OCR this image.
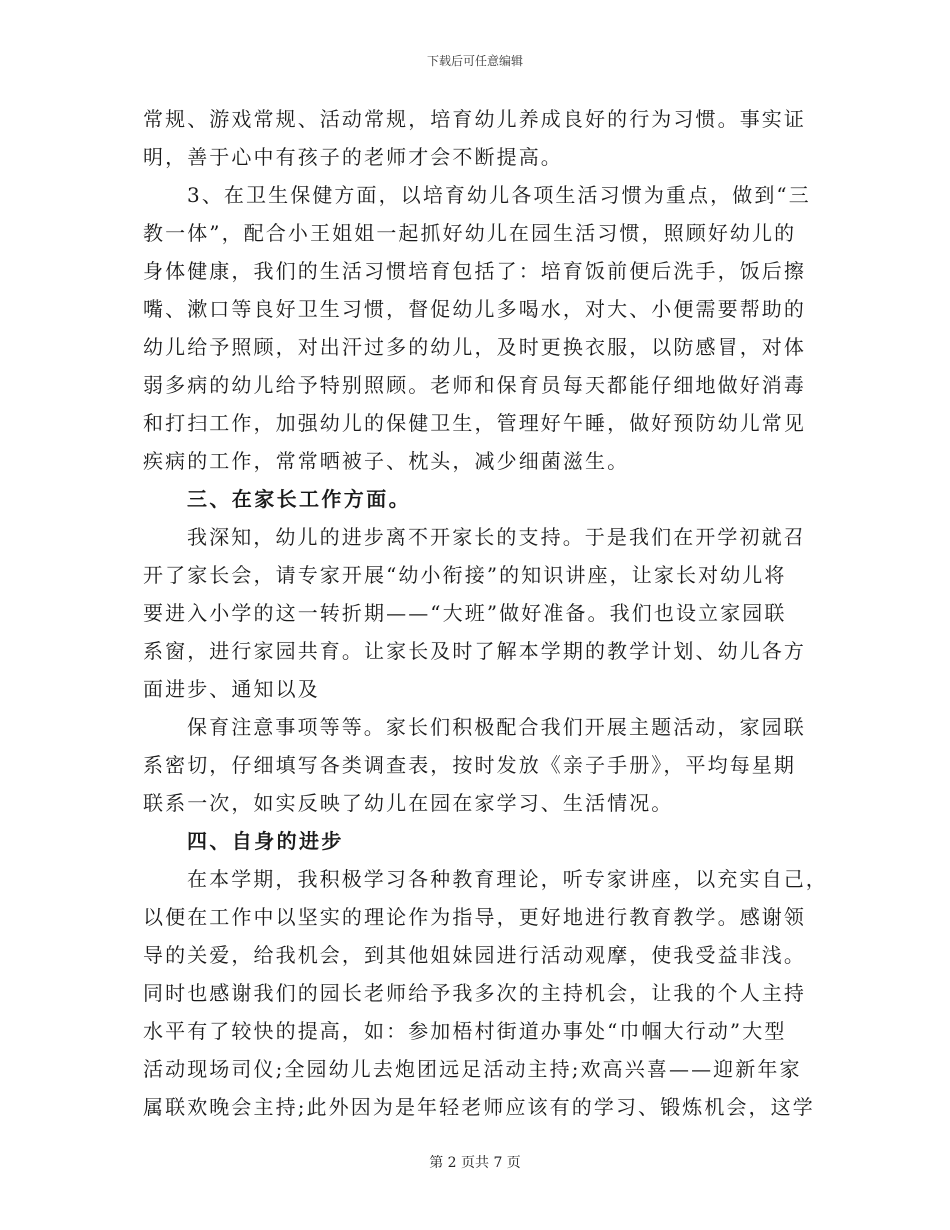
下载后可任意编辑
常规、游戏常规、活动常规，培育幼儿养成良好的行为习惯。事实证
明，善于心中有孩子的老师才会不断提高。
3、在卫生保健方面，以培育幼儿各项生活习惯为重点，做到“三
教一体”，配合小王姐姐一起抓好幼儿在园生活习惯，照顾好幼儿的
身体健康，我们的生活习惯培育包括了：培育饭前便后洗手，饭后擦
嘴、漱口等良好卫生习惯，督促幼儿多喝水，对大、小便需要帮助的
幼儿给予照顾，对出汗过多的幼儿，及时更换衣服，以防感冒，对体
弱多病的幼儿给予特别照顾。老师和保育员每天都能仔细地做好消毒
和打扫工作，加强幼儿的保健卫生，管理好午睡，做好预防幼儿常见
疾病的工作，常常晒被子、枕头，减少细菌滋生。
三、在家长工作方面。
我深知，幼儿的进步离不开家长的支持。于是我们在开学初就召
开了家长会，请专家开展“幼小衔接”的知识讲座，让家长对幼儿将
要进入小学的这一转折期——“大班”做好准备。我们也设立家园联
系窗，进行家园共育。让家长及时了解本学期的教学计划、幼儿各方
面进步、通知以及
保育注意事项等等。家长们积极配合我们开展主题活动，家园联
系密切，仔细填写各类调查表，按时发放《亲子手册》，平均每星期
联系一次，如实反映了幼儿在园在家学习、生活情况。
四、自身的进步
在本学期，我积极学习各种教育理论，听专家讲座，以充实自己，
以便在工作中以坚实的理论作为指导，更好地进行教育教学。感谢领
导的关爱，给我机会，到其他姐妹园进行活动观摩，使我受益非浅。
同时也感谢我们的园长老师给予我多次的主持机会，让我的个人主持
水平有了较快的提高，如：参加梧村街道办事处“巾帼大行动”大型
活动现场司仪;全园幼儿去炮团远足活动主持;欢高兴喜——迎新年家
属联欢晚会主持;此外因为是年轻老师应该有的学习、锻炼机会，这学
第 2 页共 7 页
